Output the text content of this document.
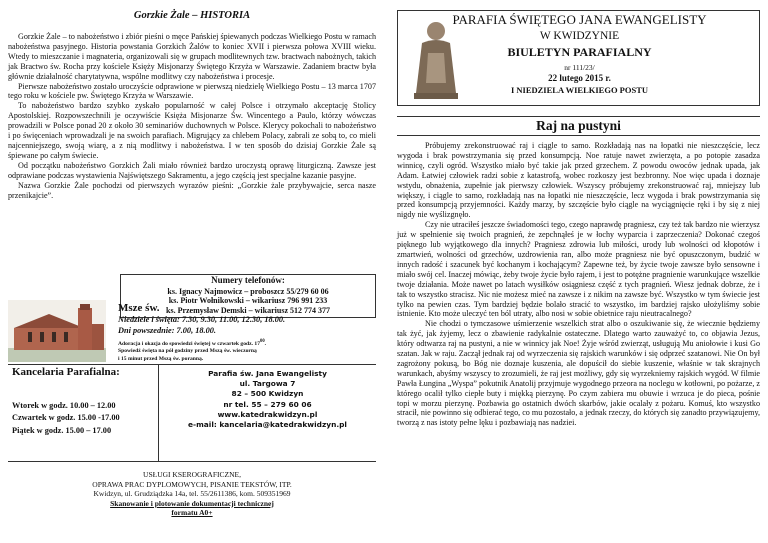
Gorzkie Żale – HISTORIA

Gorzkie Żale – to nabożeństwo i zbiór pieśni o męce Pańskiej śpiewanych podczas Wielkiego Postu w ramach nabożeństwa pasyjnego. Historia powstania Gorzkich Żalów to koniec XVII i pierwsza połowa XVIII wieku. Wtedy to mieszczanie i magnateria, organizowali się w grupach modlitewnych tzw. bractwach nabożnych, takich jak Bractwo św. Rocha przy kościele Księży Misjonarzy Świętego Krzyża w Warszawie. Zadaniem bractw była głównie działalność charytatywna, wspólne modlitwy czy nabożeństwa i procesje.

Pierwsze nabożeństwo zostało uroczyście odprawione w pierwszą niedzielę Wielkiego Postu – 13 marca 1707 tego roku w kościele pw. Świętego Krzyża w Warszawie.

To nabożeństwo bardzo szybko zyskało popularność w całej Polsce i otrzymało akceptację Stolicy Apostolskiej. Rozpowszechnili je oczywiście Księża Misjonarze Św. Wincentego a Paulo, którzy wówczas prowadzili w Polsce ponad 20 z około 30 seminariów duchownych w Polsce. Klerycy pokochali to nabożeństwo i po święceniach wprowadzali je na swoich parafiach. Migrujący za chlebem Polacy, zabrali ze sobą to, co mieli najcenniejszego, swoją wiarę, a z nią modlitwy i nabożeństwa. I w ten sposób do dzisiaj Gorzkie Żale są śpiewane po całym świecie.

Od początku nabożeństwo Gorzkich Żali miało również bardzo uroczystą oprawę liturgiczną. Zawsze jest odprawiane podczas wystawienia Najświętszego Sakramentu, a jego częścią jest specjalne kazanie pasyjne.

Nazwa Gorzkie Żale pochodzi od pierwszych wyrazów pieśni: „Gorzkie żale przybywajcie, serca nasze przenikajcie”.

Numery telefonów:
ks. Ignacy Najmowicz – proboszcz 55/279 60 06
ks. Piotr Wołnikowski – wikariusz 796 991 233
ks. Przemysław Demski – wikariusz 512 774 377
Msze św.
Niedziele i święta: 7.30, 9.30, 11.00, 12.30, 18.00.
Dni powszednie: 7.00, 18.00.
Adoracja i okazja do spowiedzi świętej w czwartek godz. $17^{00}$.
Spowiedź święta na pół godziny przed Mszą św. wieczorną
i 15 minut przed Mszą św. poranną.
Kancelaria Parafialna:
Wtorek w godz. 10.00 – 12.00
Czwartek w godz. 15.00 -17.00
Piątek w godz. 15.00 – 17.00
Parafia św. Jana Ewangelisty
ul. Targowa 7
82 – 500 Kwidzyn
nr tel. 55 – 279 60 06
www.katedrakwidzyn.pl
e-mail: kancelaria@katedrakwidzyn.pl
USŁUGI KSEROGRAFICZNE,
OPRAWA PRAC DYPLOMOWYCH, PISANIE TEKSTÓW, ITP.
Kwidzyn, ul. Grudziądzka 14a, tel. 55/2611386, kom. 509351969
Skanowanie i plotowanie dokumentacji technicznej
formatu A0+
PARAFIA ŚWIĘTEGO JANA EWANGELISTY
W KWIDZYNIE
BIULETYN PARAFIALNY
nr 111/23/
22 lutego 2015 r.
I NIEDZIELA WIELKIEGO POSTU
Raj na pustyni

Próbujemy zrekonstruować raj i ciągle to samo. Rozkładają nas na łopatki nie nieszczęście, lecz wygoda i brak powstrzymania się przed konsumpcją. Noe ratuje nawet zwierzęta, a po potopie zasadza winnicę, czyli ogród. Wszystko miało być takie jak przed grzechem. Z powodu owoców jednak upada, jak Adam. Łatwiej człowiek radzi sobie z katastrofą, wobec rozkoszy jest bezbronny. Noe więc upada i doznaje wstydu, obnażenia, zupełnie jak pierwszy człowiek. Wszyscy próbujemy zrekonstruować raj, mniejszy lub większy, i ciągle to samo, rozkładają nas na łopatki nie nieszczęście, lecz wygoda i brak powstrzymania się przed konsumpcją przyjemności. Każdy marzy, by szczęście było ciągle na wyciągnięcie ręki i by się z niej nigdy nie wyślizgnęło.

Czy nie utraciłeś jeszcze świadomości tego, czego naprawdę pragniesz, czy też tak bardzo nie wierzysz już w spełnienie się twoich pragnień, że zepchnąłeś je w łochy wyparcia i zaprzeczenia? Dokonać czegoś pięknego lub wyjątkowego dla innych? Pragniesz zdrowia lub miłości, urody lub wolności od kłopotów i zmartwień, wolności od grzechów, uzdrowienia ran, albo może pragniesz nie być opuszczonym, budzić w innych radość i szacunek być kochanym i kochającym? Zapewne też, by życie twoje zawsze było sensowne i miało swój cel. Inaczej mówiąc, żeby twoje życie było rajem, i jest to potężne pragnienie warunkujące wszelkie twoje działania. Może nawet po latach wysiłków osiągniesz część z tych pragnień. Wiesz jednak dobrze, że i tak to wszystko stracisz. Nic nie możesz mieć na zawsze i z nikim na zawsze być. Wszystko w tym świecie jest tylko na pewien czas. Tym bardziej będzie bolało stracić to wszystko, im bardziej rajsko ułożyliśmy sobie istnienie. Kto może uleczyć ten ból utraty, albo nosi w sobie obietnice raju nieutracalnego?

Nie chodzi o tymczasowe uśmierzenie wszelkich strat albo o oszukiwanie się, że wiecznie będziemy tak żyć, jak żyjemy, lecz o zbawienie radykalnie ostateczne. Dlatego warto zauważyć to, co objawia Jezus, który odtwarza raj na pustyni, a nie w winnicy jak Noe! Żyje wśród zwierząt, usługują Mu aniołowie i kusi Go szatan. Jak w raju. Zaczął jednak raj od wyrzeczenia się rajskich warunków i się odprzeć szatanowi. Nie On był zagrożony pokusą, bo Bóg nie doznaje kuszenia, ale dopuścił do siebie kuszenie, właśnie w tak skrajnych warunkach, abyśmy wszyscy to zrozumieli, że raj jest możliwy, gdy się wyrzekniemy rajskich wygód. W filmie Pawła Łungina „Wyspa” pokutnik Anatolij przyjmuje wygodnego przeora na noclegu w kotłowni, po pożarze, z którego ocalił tylko ciepłe buty i miękką pierzynę. Po czym zabiera mu obuwie i wrzuca je do pieca, pośnie topi w morzu pierzynę. Pozbawia go ostatnich dwóch skarbów, jakie ocalały z pożaru. Komuś, kto wszystko stracił, nie powinno się odbierać tego, co mu pozostało, a jednak rzeczy, do których się zanadto przywiązujemy, tworzą z nas istoty pełne lęku i pozbawiają nas nadziei.
